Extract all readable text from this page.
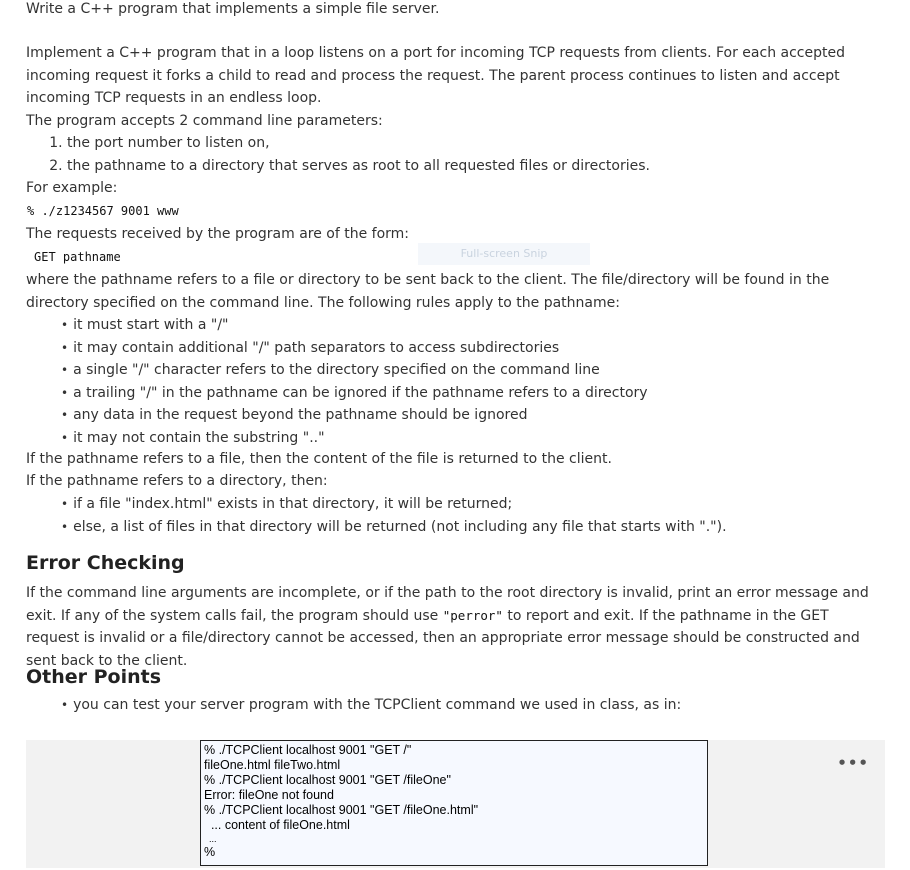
Write a C++ program that implements a simple file server.

Implement a C++ program that in a loop listens on a port for incoming TCP requests from clients. For each accepted incoming request it forks a child to read and process the request. The parent process continues to listen and accept incoming TCP requests in an endless loop.

The program accepts 2 command line parameters:

1. the port number to listen on,
2. the pathname to a directory that serves as root to all requested files or directories.

For example:

% ./z1234567 9001 www

The requests received by the program are of the form:

GET pathname

where the pathname refers to a file or directory to be sent back to the client. The file/directory will be found in the directory specified on the command line. The following rules apply to the pathname:

• it must start with a "/"
• it may contain additional "/" path separators to access subdirectories
• a single "/" character refers to the directory specified on the command line
• a trailing "/" in the pathname can be ignored if the pathname refers to a directory
• any data in the request beyond the pathname should be ignored
• it may not contain the substring ".."

If the pathname refers to a file, then the content of the file is returned to the client.

If the pathname refers to a directory, then:

• if a file "index.html" exists in that directory, it will be returned;
• else, a list of files in that directory will be returned (not including any file that starts with ".").
Error Checking

If the command line arguments are incomplete, or if the path to the root directory is invalid, print an error message and exit. If any of the system calls fail, the program should use "perror" to report and exit. If the pathname in the GET request is invalid or a file/directory cannot be accessed, then an appropriate error message should be constructed and sent back to the client.

Other Points
• you can test your server program with the TCPClient command we used in class, as in:
Full-screen Snip
% ./TCPClient localhost 9001 "GET /"
fileOne.html fileTwo.html
% ./TCPClient localhost 9001 "GET /fileOne"
Error: fileOne not found
% ./TCPClient localhost 9001 "GET /fileOne.html"
... content of fileOne.html
...
%
•••
